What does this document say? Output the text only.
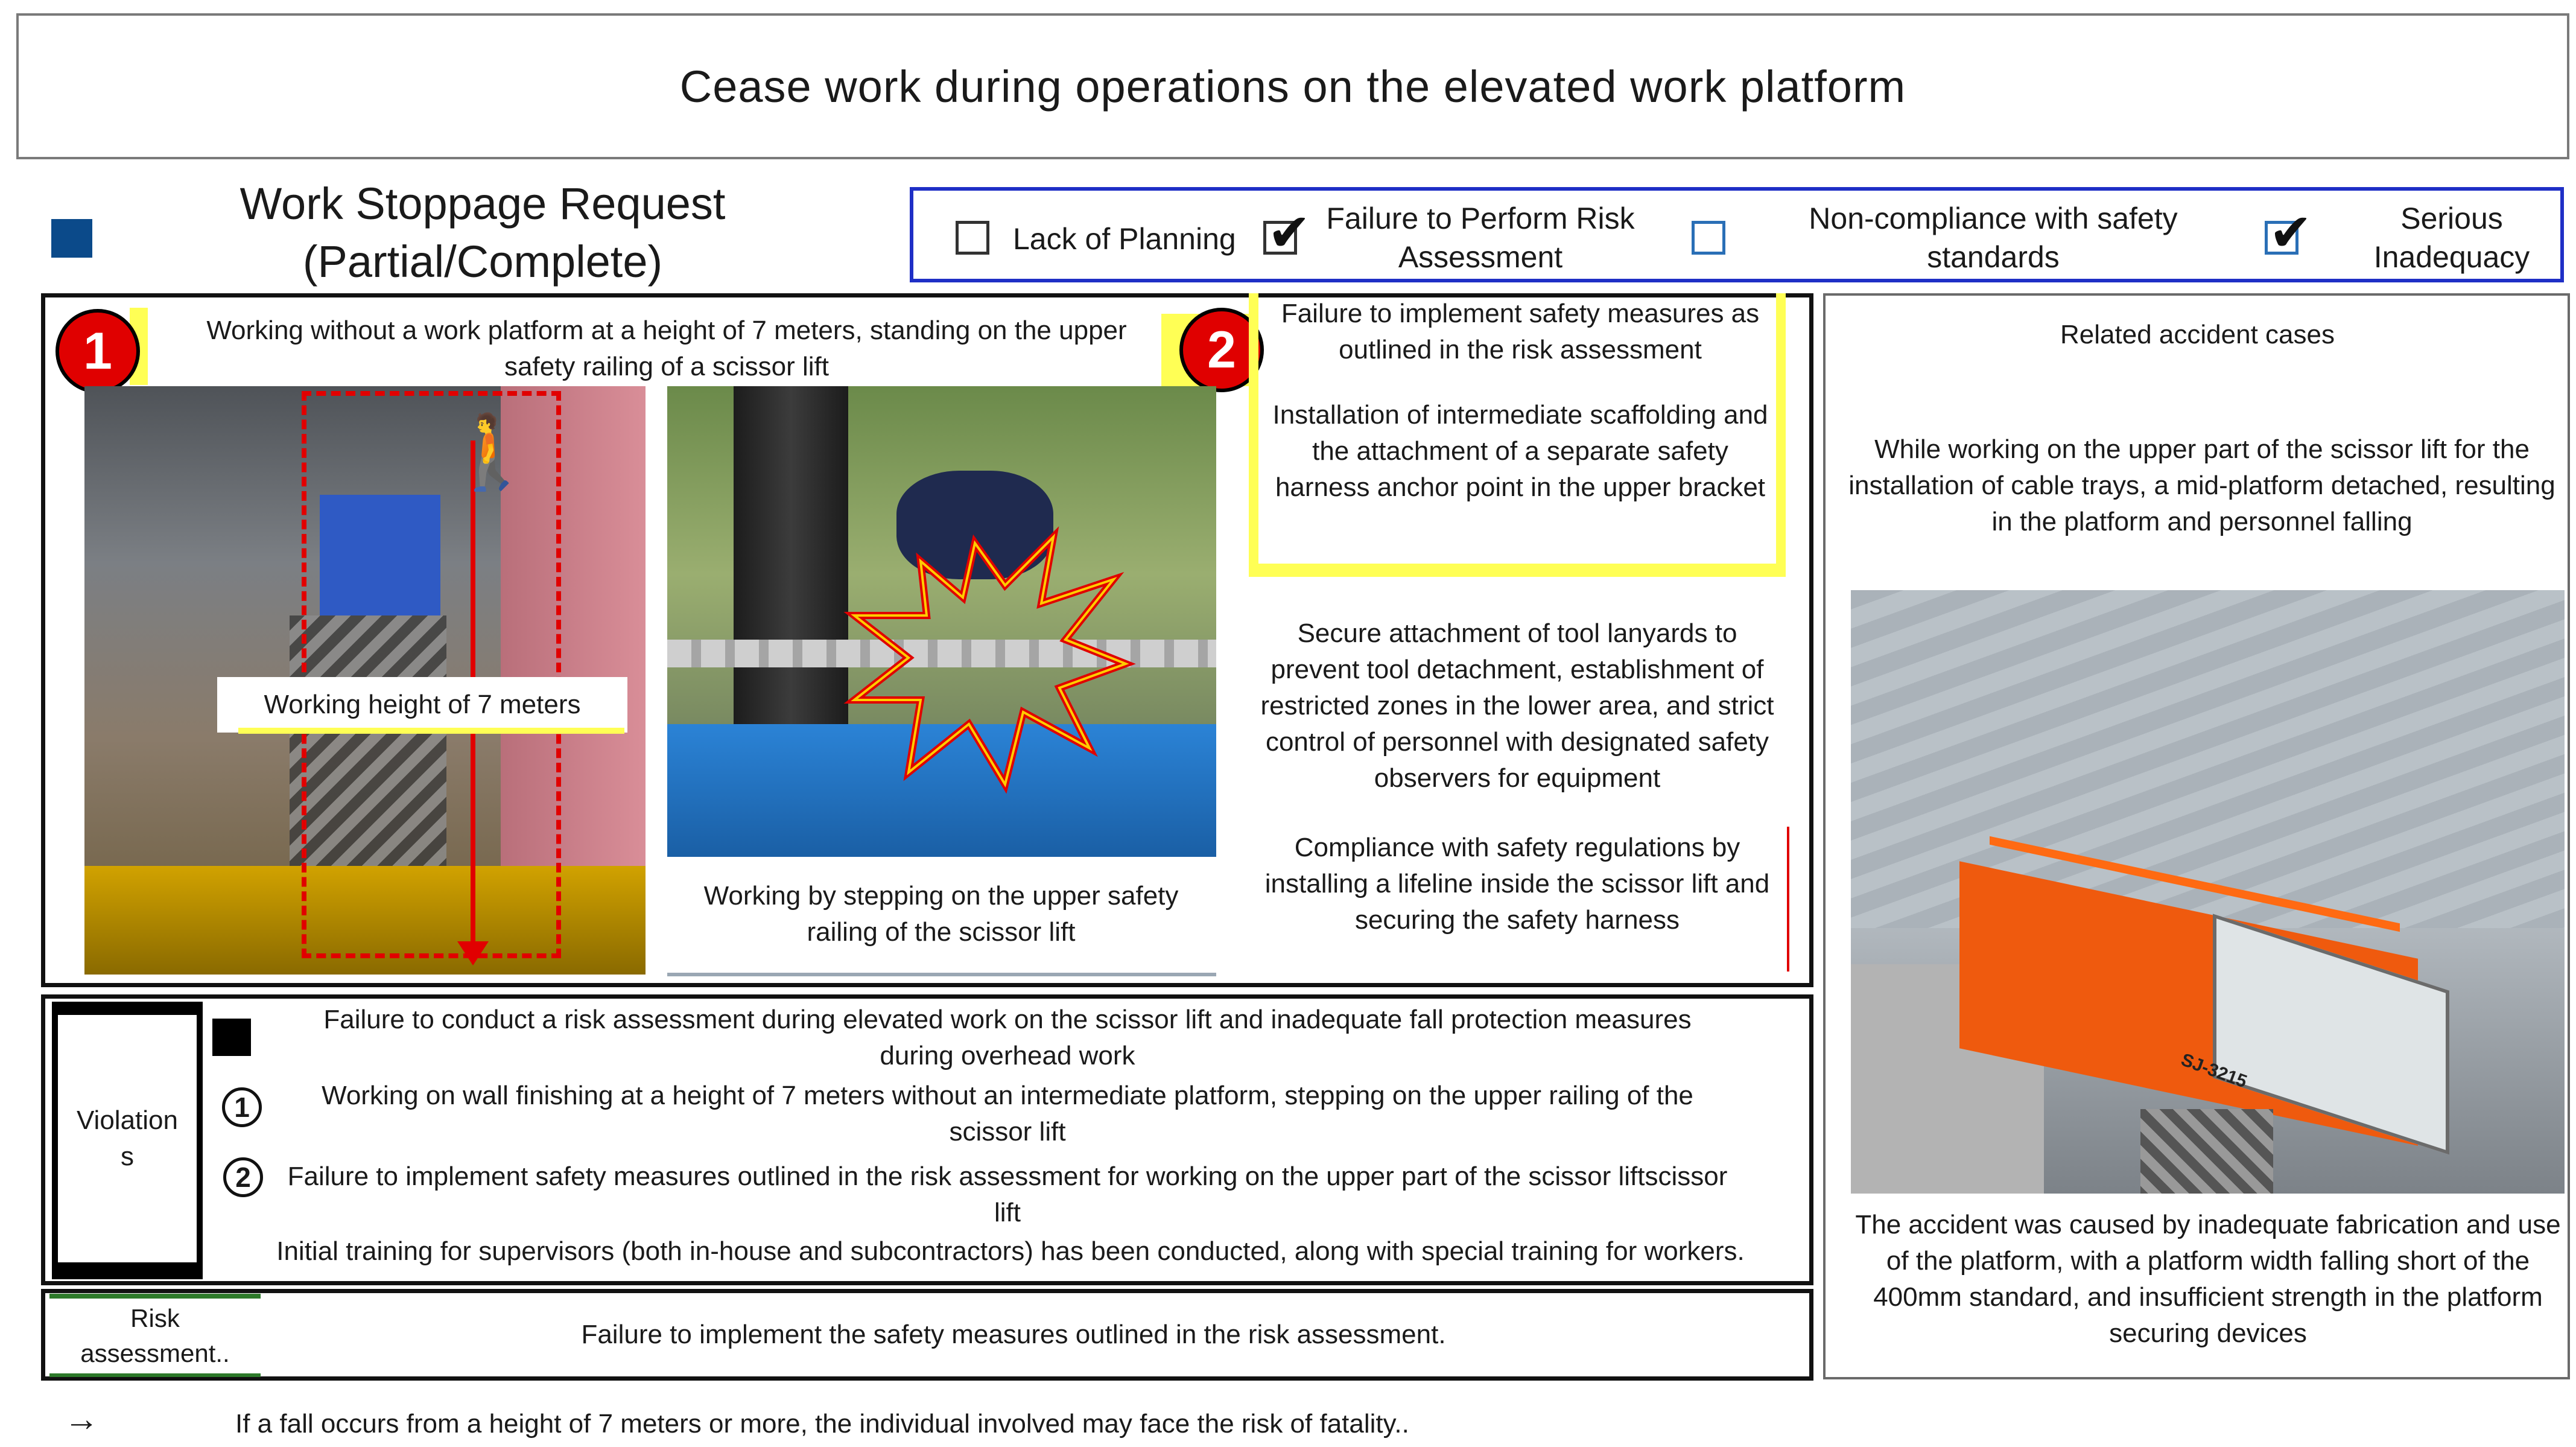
Cease work during operations on the elevated work platform
Work Stoppage Request
(Partial/Complete)	Lack of Planning ✔ Failure to Perform Risk Assessment
Non-compliance with safety standards	✔	Serious Inadequacy
1	Working without a work platform at a height of 7 meters, standing on the upper safety railing of a scissor lift
🚶
Working height of 7 meters
2
Working by stepping on the upper safety railing of the scissor lift
Failure to implement safety measures as outlined in the risk assessment
Installation of intermediate scaffolding and the attachment of a separate safety harness anchor point in the upper bracket
Secure attachment of tool lanyards to prevent tool detachment, establishment of restricted zones in the lower area, and strict control of personnel with designated safety observers for equipment
Compliance with safety regulations by installing a lifeline inside the scissor lift and securing the safety harness
Related accident cases
While working on the upper part of the scissor lift for the installation of cable trays, a mid-platform detached, resulting in the platform and personnel falling
SJ-3215
The accident was caused by inadequate fabrication and use of the platform, with a platform width falling short of the 400mm standard, and insufficient strength in the platform securing devices
Violations
Failure to conduct a risk assessment during elevated work on the scissor lift and inadequate fall protection measures during overhead work
1	Working on wall finishing at a height of 7 meters without an intermediate platform, stepping on the upper railing of the scissor lift
2	Failure to implement safety measures outlined in the risk assessment for working on the upper part of the scissor liftscissor lift
Initial training for supervisors (both in-house and subcontractors) has been conducted, along with special training for workers.
Risk assessment..
Failure to implement the safety measures outlined in the risk assessment.
→	If a fall occurs from a height of 7 meters or more, the individual involved may face the risk of fatality..
